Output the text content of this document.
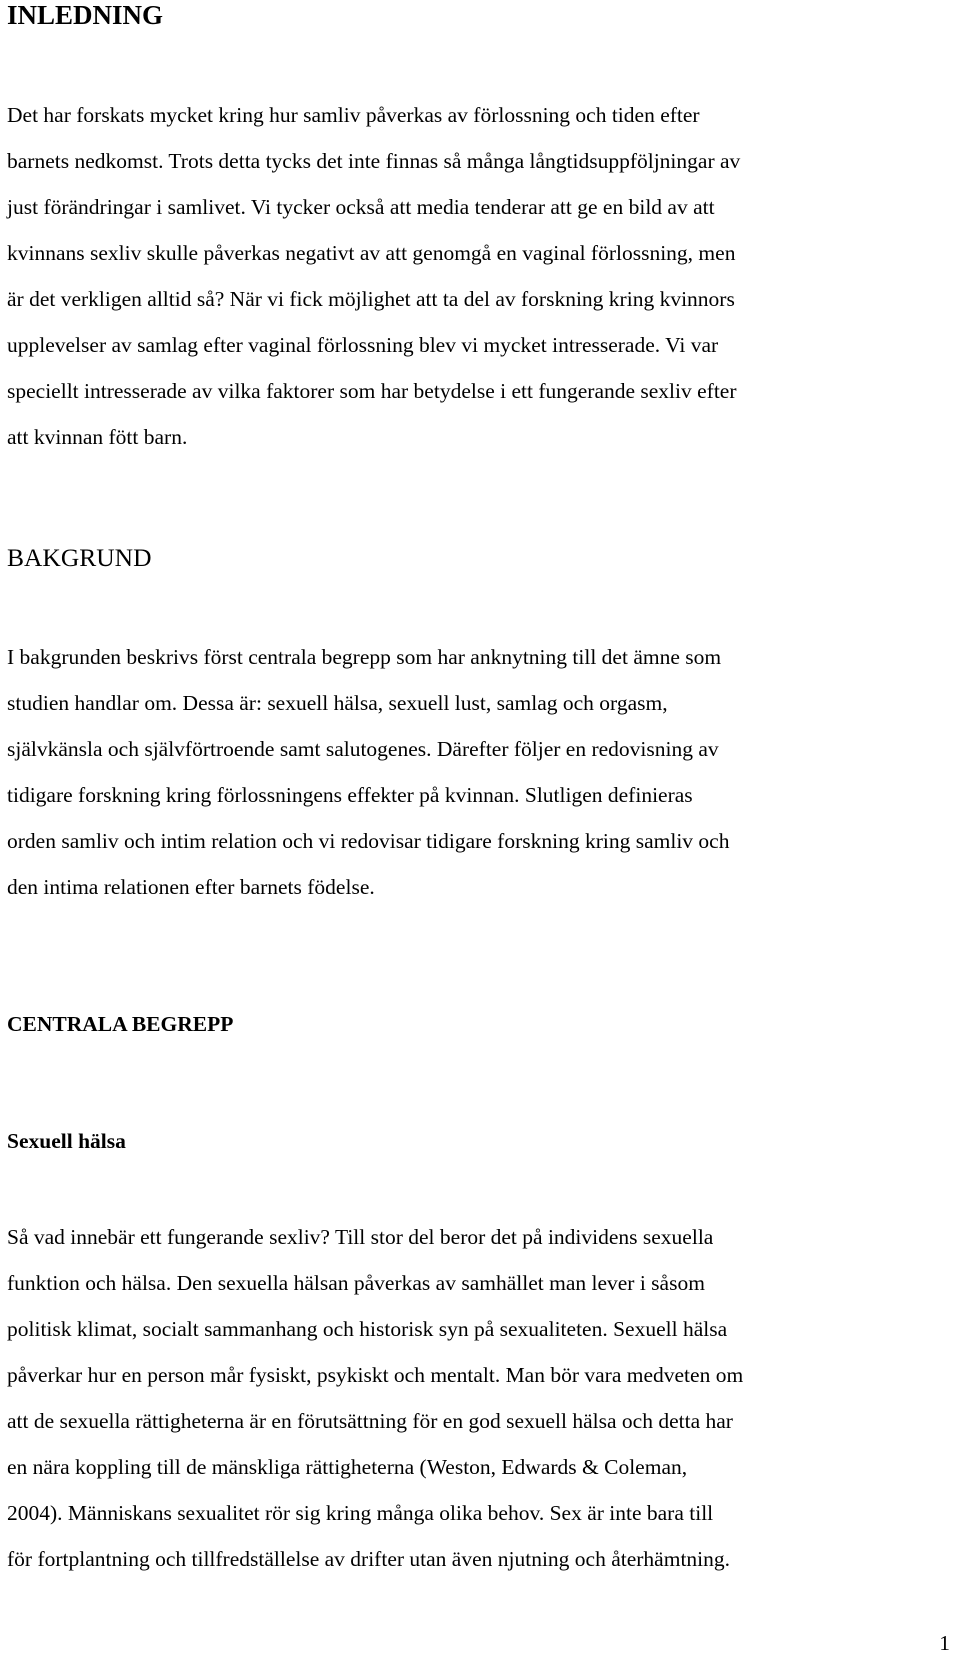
INLEDNING
Det har forskats mycket kring hur samliv påverkas av förlossning och tiden efter
barnets nedkomst. Trots detta tycks det inte finnas så många långtidsuppföljningar av
just förändringar i samlivet. Vi tycker också att media tenderar att ge en bild av att
kvinnans sexliv skulle påverkas negativt av att genomgå en vaginal förlossning, men
är det verkligen alltid så? När vi fick möjlighet att ta del av forskning kring kvinnors
upplevelser av samlag efter vaginal förlossning blev vi mycket intresserade. Vi var
speciellt intresserade av vilka faktorer som har betydelse i ett fungerande sexliv efter
att kvinnan fött barn.
BAKGRUND
I bakgrunden beskrivs först centrala begrepp som har anknytning till det ämne som
studien handlar om. Dessa är: sexuell hälsa, sexuell lust, samlag och orgasm,
självkänsla och självförtroende samt salutogenes. Därefter följer en redovisning av
tidigare forskning kring förlossningens effekter på kvinnan. Slutligen definieras
orden samliv och intim relation och vi redovisar tidigare forskning kring samliv och
den intima relationen efter barnets födelse.
CENTRALA BEGREPP
Sexuell hälsa
Så vad innebär ett fungerande sexliv? Till stor del beror det på individens sexuella
funktion och hälsa. Den sexuella hälsan påverkas av samhället man lever i såsom
politisk klimat, socialt sammanhang och historisk syn på sexualiteten. Sexuell hälsa
påverkar hur en person mår fysiskt, psykiskt och mentalt. Man bör vara medveten om
att de sexuella rättigheterna är en förutsättning för en god sexuell hälsa och detta har
en nära koppling till de mänskliga rättigheterna (Weston, Edwards & Coleman,
2004). Människans sexualitet rör sig kring många olika behov. Sex är inte bara till
för fortplantning och tillfredställelse av drifter utan även njutning och återhämtning.
1
